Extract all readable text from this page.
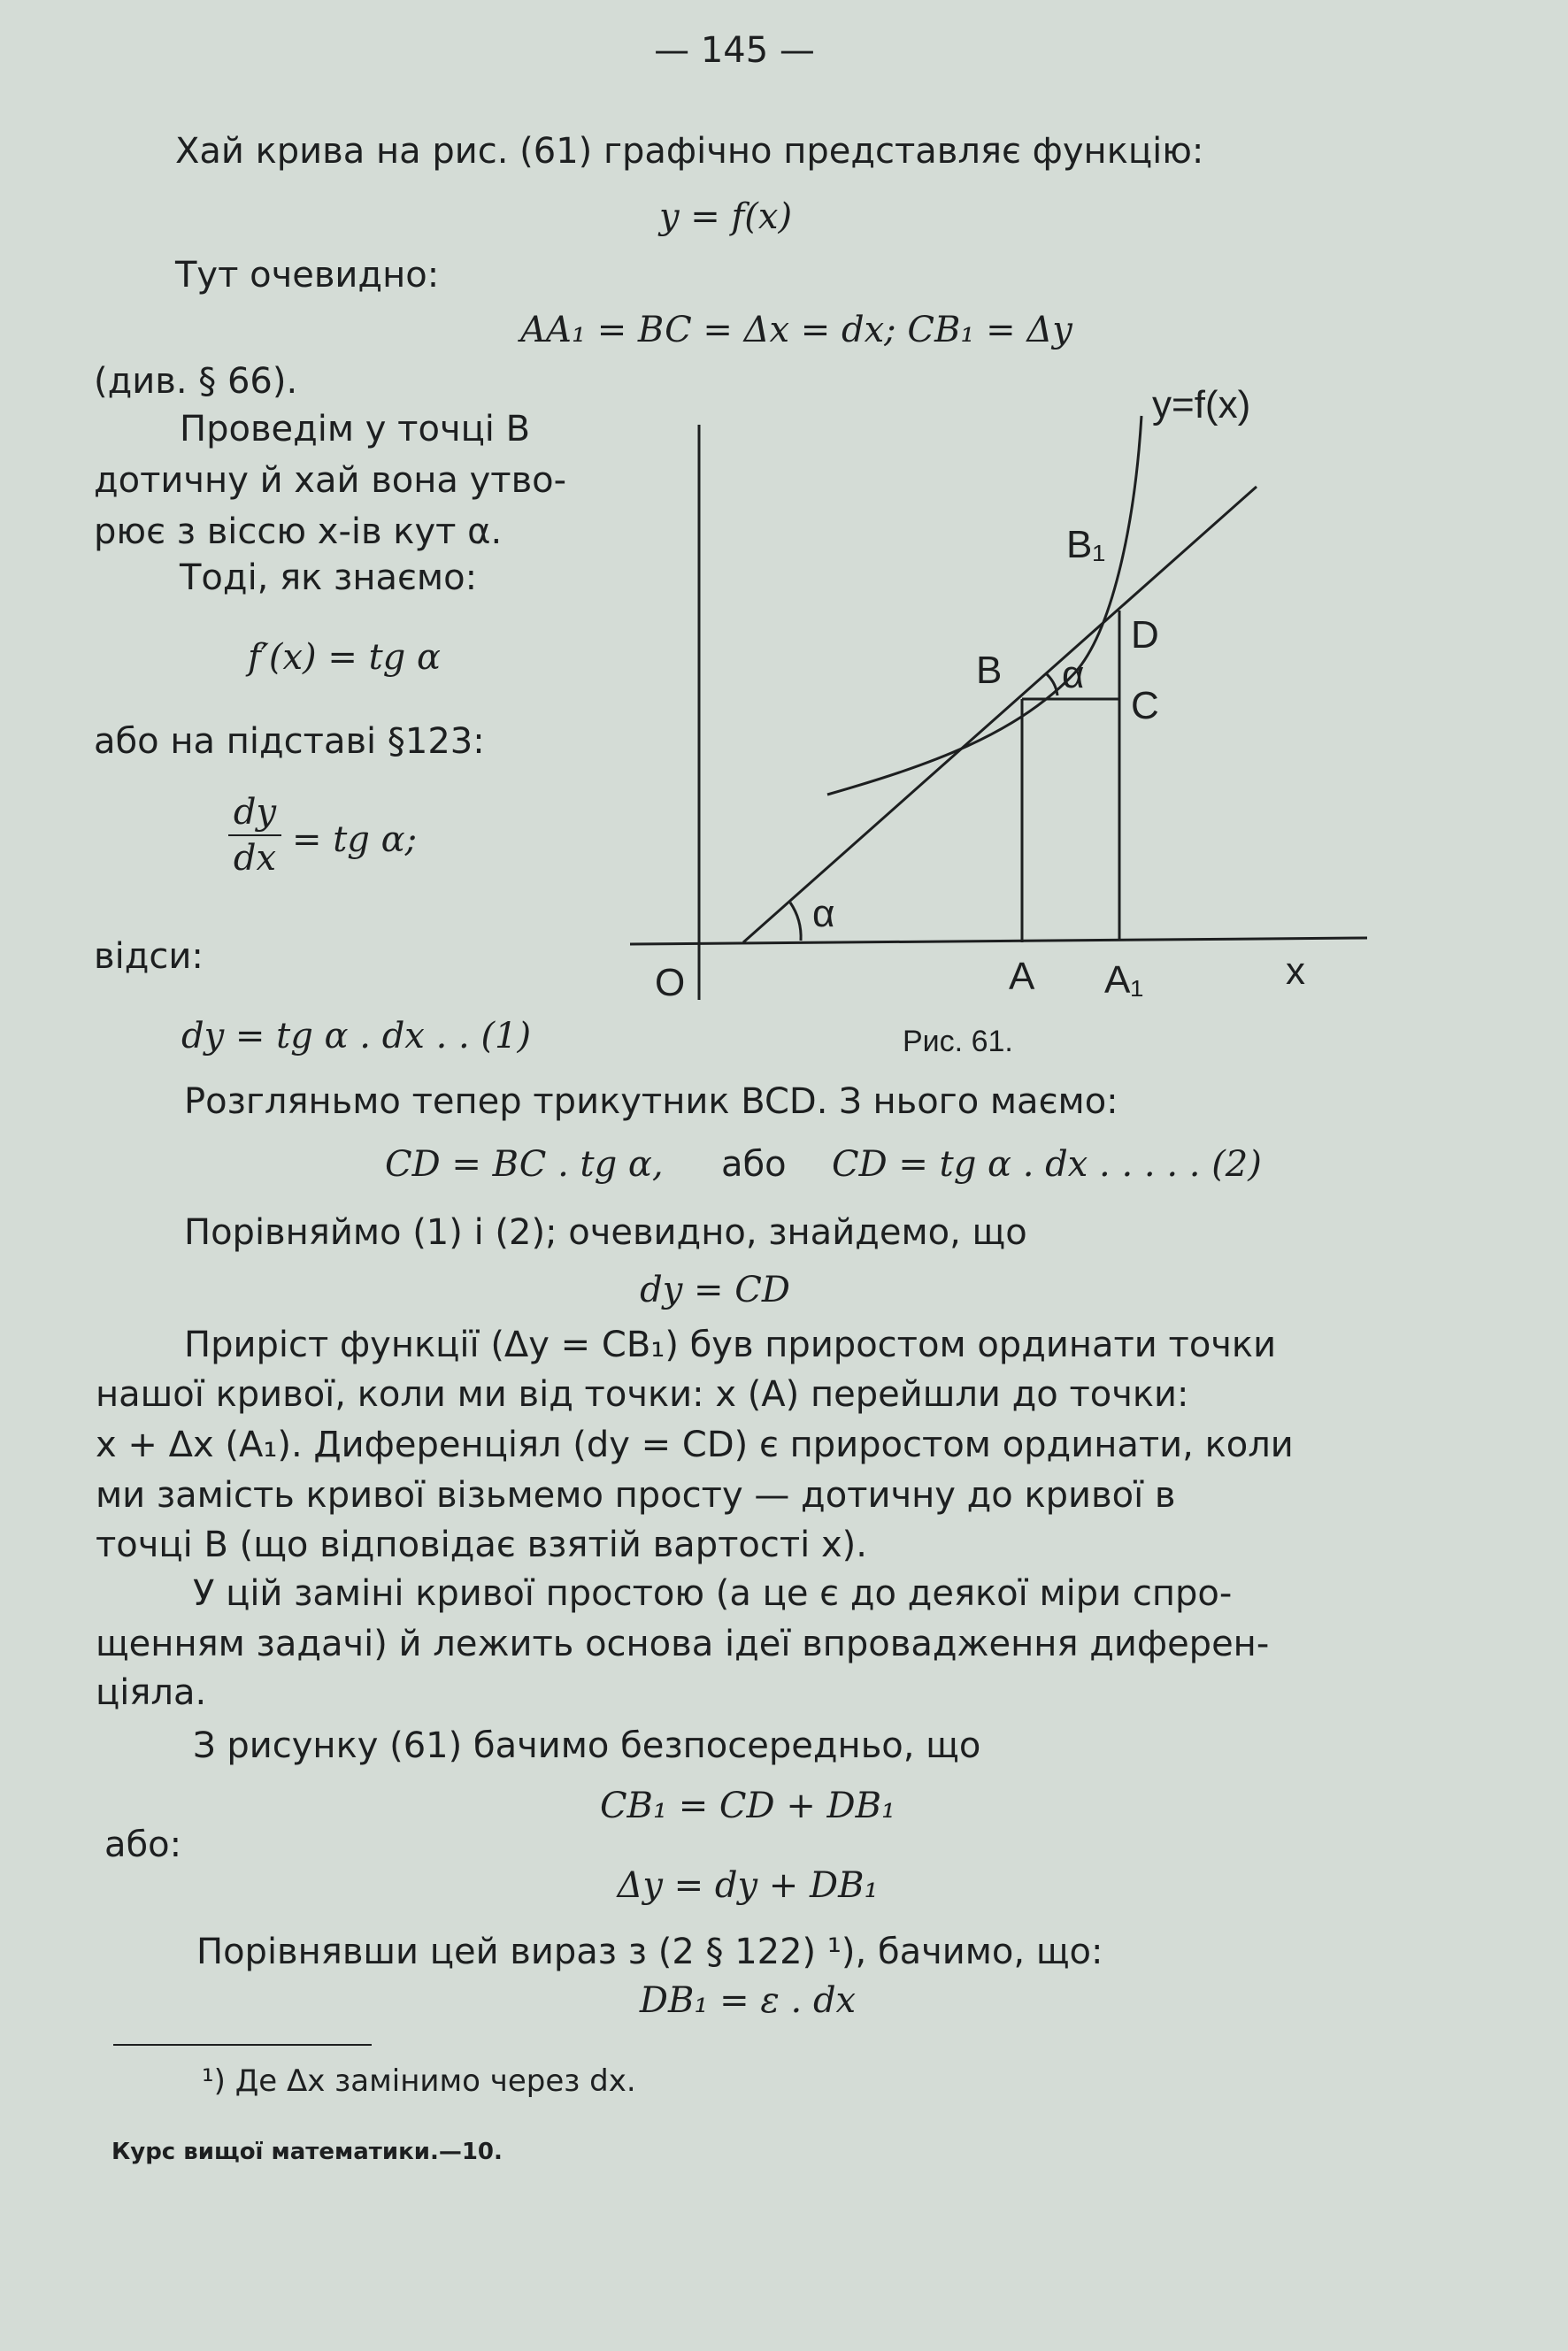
— 145 —
Хай крива на рис. (61) графічно представляє функцію:
y = f(x)
Тут очевидно:
AA₁ = BC = Δx = dx; CB₁ = Δy
(див. § 66).
Проведім у точці B
дотичну й хай вона утво-
рює з віссю x-ів кут α.
Тоді, як знаємо:
f′(x) = tg α
або на підставі §123:
dy
dx = tg α;
відси:
dy = tg α . dx . . (1)
y=f(x)
B₁
D
B α
C
α
O	A A₁	x
Рис. 61.
Розгляньмо тепер трикутник BCD. З нього маємо:
CD = BC . tg α, або CD = tg α . dx . . . . . (2)
Порівняймо (1) і (2); очевидно, знайдемо, що
dy = CD
Приріст функції (Δy = CB₁) був приростом ординати точки
нашої кривої, коли ми від точки: x (A) перейшли до точки:
x + Δx (A₁). Диференціял (dy = CD) є приростом ординати, коли
ми замість кривої візьмемо просту — дотичну до кривої в
точці B (що відповідає взятій вартості x).
У цій заміні кривої простою (а це є до деякої міри спро-
щенням задачі) й лежить основа ідеї впровадження диферен-
ціяла.
З рисунку (61) бачимо безпосередньо, що
CB₁ = CD + DB₁
або:
Δy = dy + DB₁
Порівнявши цей вираз з (2 § 122) ¹), бачимо, що:
DB₁ = ε . dx
¹) Де Δx замінимо через dx.
Курс вищої математики.—10.
